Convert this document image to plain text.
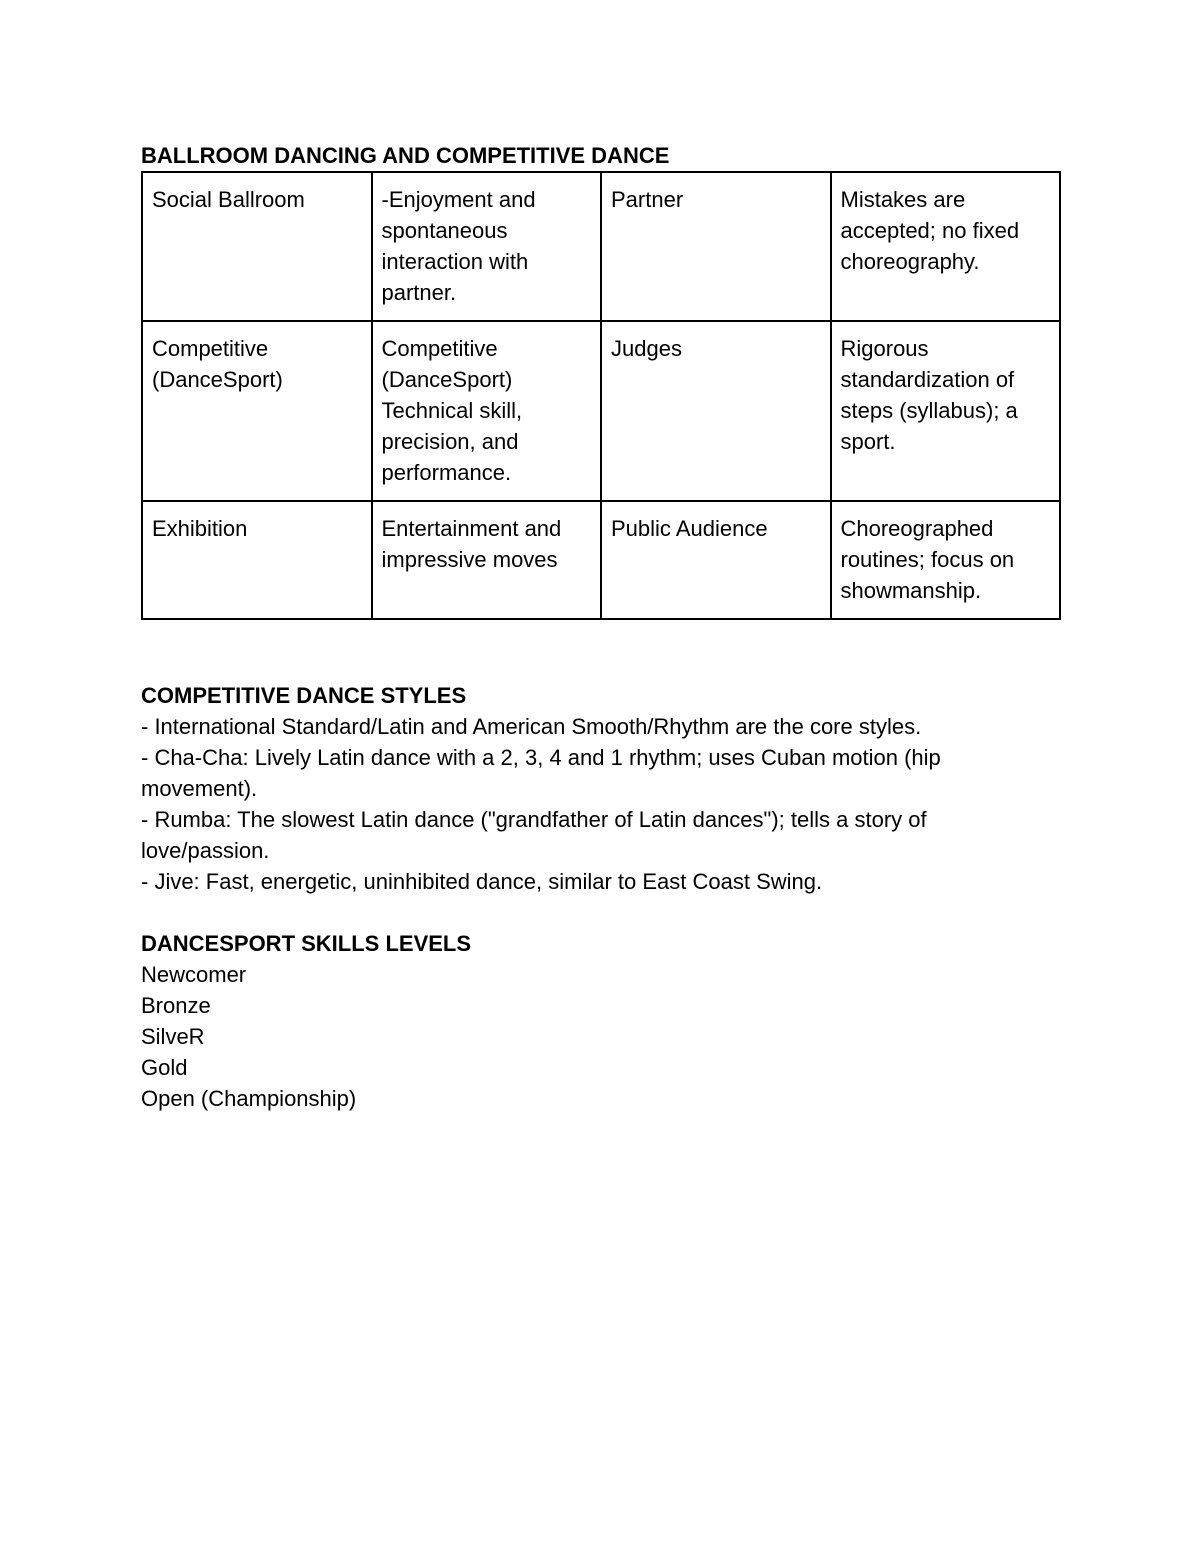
BALLROOM DANCING AND COMPETITIVE DANCE

Social Ballroom	-Enjoyment and spontaneous interaction with partner.	Partner	Mistakes are accepted; no fixed choreography.
Competitive (DanceSport)	Competitive (DanceSport) Technical skill, precision, and performance.	Judges	Rigorous standardization of steps (syllabus); a sport.
Exhibition	Entertainment and impressive moves	Public Audience	Choreographed routines; focus on showmanship.

COMPETITIVE DANCE STYLES

- International Standard/Latin and American Smooth/Rhythm are the core styles.

- Cha-Cha: Lively Latin dance with a 2, 3, 4 and 1 rhythm; uses Cuban motion (hip movement).

- Rumba: The slowest Latin dance ("grandfather of Latin dances"); tells a story of love/passion.

- Jive: Fast, energetic, uninhibited dance, similar to East Coast Swing.

DANCESPORT SKILLS LEVELS

Newcomer

Bronze

SilveR

Gold

Open (Championship)
